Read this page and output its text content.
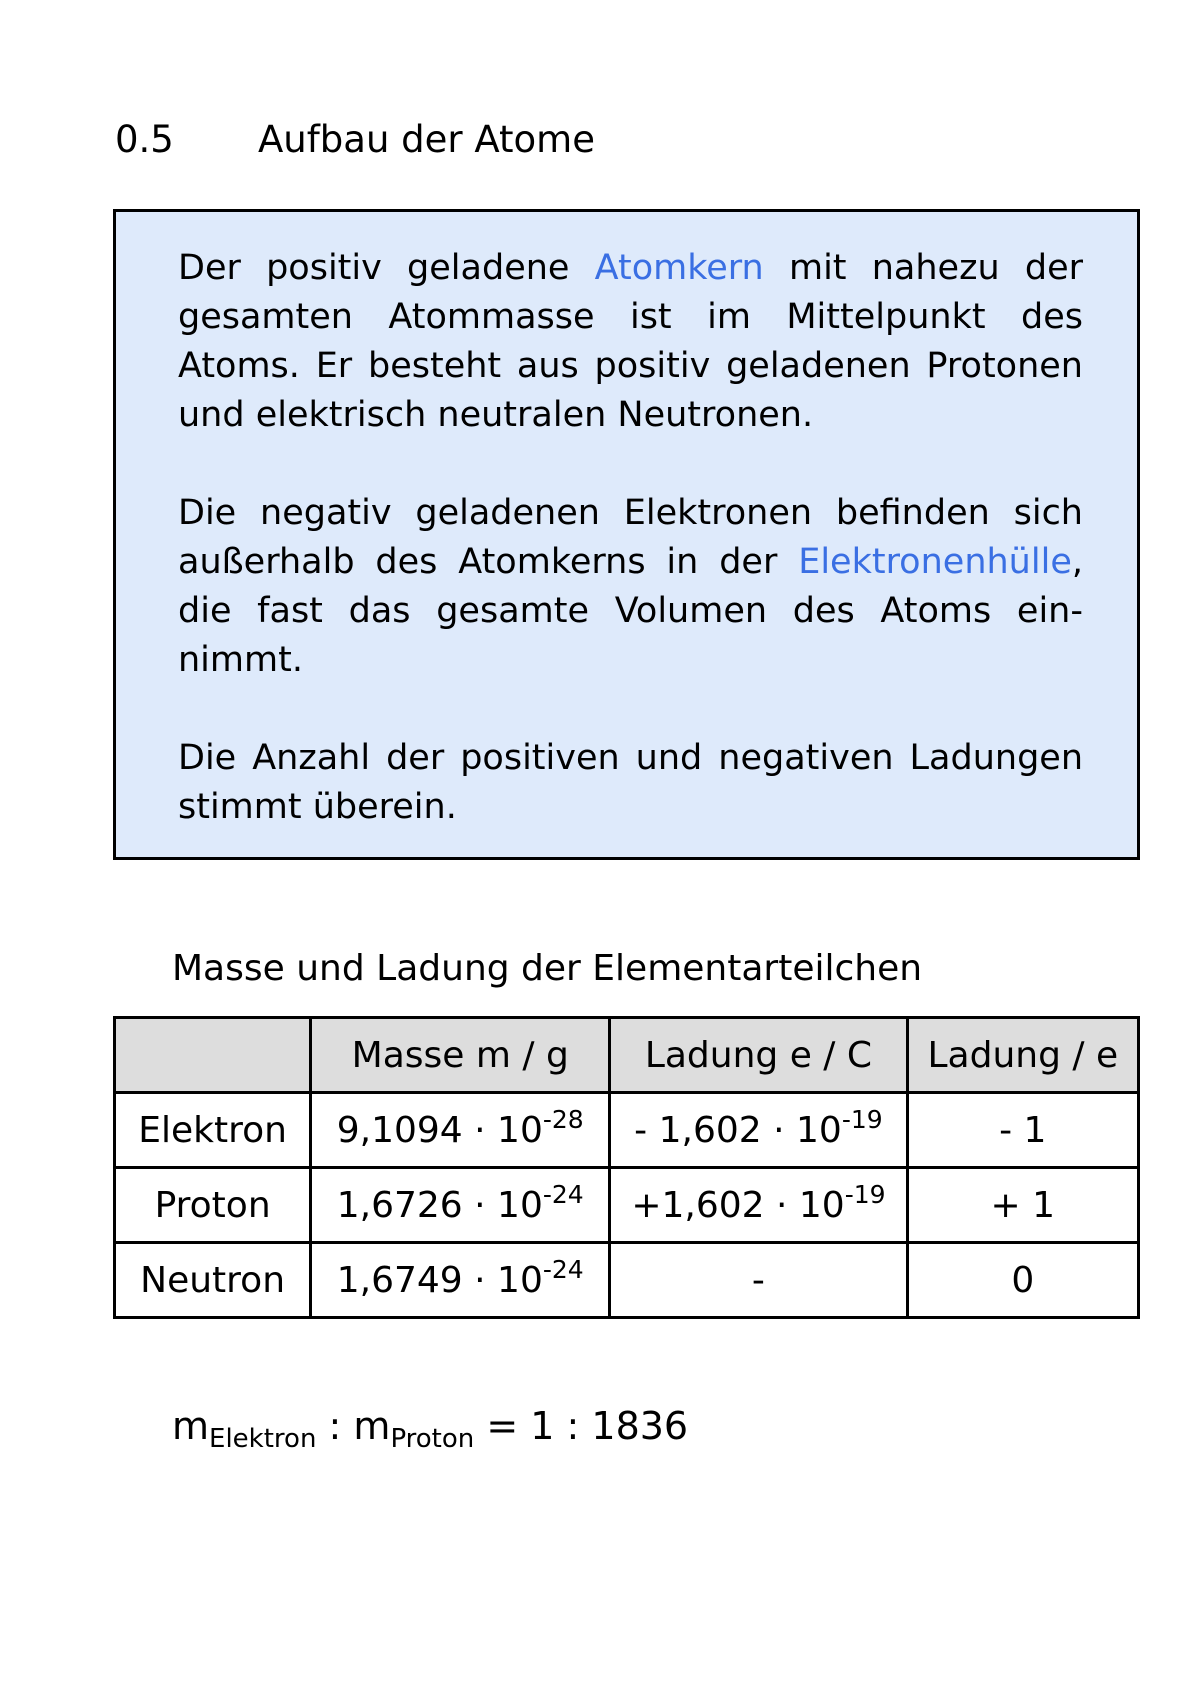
0.5 Aufbau der Atome

Der positiv geladene Atomkern mit nahezu der gesamten Atommasse ist im Mittelpunkt des Atoms. Er besteht aus positiv geladenen Protonen und elektrisch neutralen Neutronen.

Die negativ geladenen Elektronen befinden sich außerhalb des Atomkerns in der Elektronenhülle, die fast das gesamte Volumen des Atoms ein-nimmt.

Die Anzahl der positiven und negativen Ladungen stimmt überein.

Masse und Ladung der Elementarteilchen
	Masse m / g	Ladung e / C	Ladung / e
Elektron	$9,1094 \cdot 10^{-28}$	- $1,602 \cdot 10^{-19}$	- 1
Proton	$1,6726 \cdot 10^{-24}$	$+1,602 \cdot 10^{-19}$	+ 1
Neutron	$1,6749 \cdot 10^{-24}$	-	0
$m_{Elektron}$ : $m_{Proton} = 1$ : 1836
